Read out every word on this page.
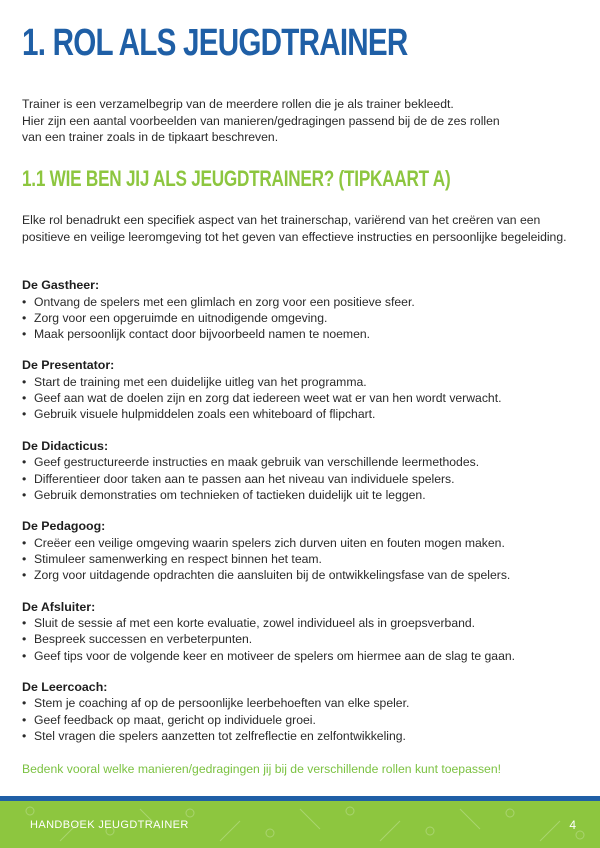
1. ROL ALS JEUGDTRAINER

Trainer is een verzamelbegrip van de meerdere rollen die je als trainer bekleedt.

Hier zijn een aantal voorbeelden van manieren/gedragingen passend bij de de zes rollen

van een trainer zoals in de tipkaart beschreven.

1.1 WIE BEN JIJ ALS JEUGDTRAINER? (TIPKAART A)

Elke rol benadrukt een specifiek aspect van het trainerschap, variërend van het creëren van een positieve en veilige leeromgeving tot het geven van effectieve instructies en persoonlijke begeleiding.

De Gastheer:
• Ontvang de spelers met een glimlach en zorg voor een positieve sfeer.
• Zorg voor een opgeruimde en uitnodigende omgeving.
• Maak persoonlijk contact door bijvoorbeeld namen te noemen.
De Presentator:
• Start de training met een duidelijke uitleg van het programma.
• Geef aan wat de doelen zijn en zorg dat iedereen weet wat er van hen wordt verwacht.
• Gebruik visuele hulpmiddelen zoals een whiteboard of flipchart.
De Didacticus:
• Geef gestructureerde instructies en maak gebruik van verschillende leermethodes.
• Differentieer door taken aan te passen aan het niveau van individuele spelers.
• Gebruik demonstraties om technieken of tactieken duidelijk uit te leggen.
De Pedagoog:
• Creëer een veilige omgeving waarin spelers zich durven uiten en fouten mogen maken.
• Stimuleer samenwerking en respect binnen het team.
• Zorg voor uitdagende opdrachten die aansluiten bij de ontwikkelingsfase van de spelers.
De Afsluiter:
• Sluit de sessie af met een korte evaluatie, zowel individueel als in groepsverband.
• Bespreek successen en verbeterpunten.
• Geef tips voor de volgende keer en motiveer de spelers om hiermee aan de slag te gaan.
De Leercoach:
• Stem je coaching af op de persoonlijke leerbehoeften van elke speler.
• Geef feedback op maat, gericht op individuele groei.
• Stel vragen die spelers aanzetten tot zelfreflectie en zelfontwikkeling.

Bedenk vooral welke manieren/gedragingen jij bij de verschillende rollen kunt toepassen!

HANDBOEK JEUGDTRAINER	4
